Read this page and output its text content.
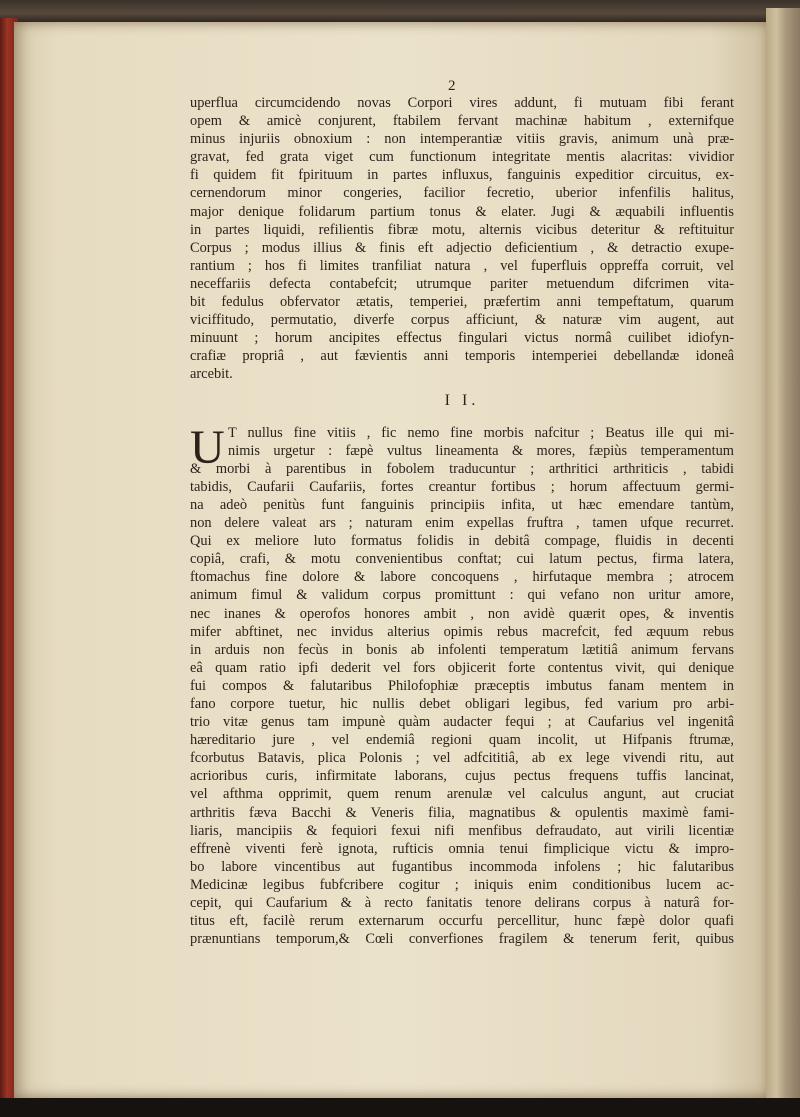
2
uperflua circumcidendo novas Corpori vires addunt, fi mutuam fibi ferant
opem & amicè conjurent, ftabilem fervant machinæ habitum , externifque
minus injuriis obnoxium : non intemperantiæ vitiis gravis, animum unà præ-
gravat, fed grata viget cum functionum integritate mentis alacritas: vividior
fi quidem fit fpirituum in partes influxus, fanguinis expeditior circuitus, ex-
cernendorum minor congeries, facilior fecretio, uberior infenfilis halitus,
major denique folidarum partium tonus & elater. Jugi & æquabili influentis
in partes liquidi, refilientis fibræ motu, alternis vicibus deteritur & reftituitur
Corpus ; modus illius & finis eft adjectio deficientium , & detractio exupe-
rantium ; hos fi limites tranfiliat natura , vel fuperfluis oppreffa corruit, vel
neceffariis defecta contabefcit; utrumque pariter metuendum difcrimen vita-
bit fedulus obfervator ætatis, temperiei, præfertim anni tempeftatum, quarum
viciffitudo, permutatio, diverfe corpus afficiunt, & naturæ vim augent, aut
minuunt ; horum ancipites effectus fingulari victus normâ cuilibet idiofyn-
crafiæ propriâ , aut fævientis anni temporis intemperiei debellandæ idoneâ
arcebit.
I I.
U T nullus fine vitiis , fic nemo fine morbis nafcitur ; Beatus ille qui mi-
nimis urgetur : fæpè vultus lineamenta & mores, fæpiùs temperamentum
& morbi à parentibus in fobolem traducuntur ; arthritici arthriticis , tabidi
tabidis, Caufarii Caufariis, fortes creantur fortibus ; horum affectuum germi-
na adeò penitùs funt fanguinis principiis infita, ut hæc emendare tantùm,
non delere valeat ars ; naturam enim expellas fruftra , tamen ufque recurret.
Qui ex meliore luto formatus folidis in debitâ compage, fluidis in decenti
copiâ, crafi, & motu convenientibus conftat; cui latum pectus, firma latera,
ftomachus fine dolore & labore concoquens , hirfutaque membra ; atrocem
animum fimul & validum corpus promittunt : qui vefano non uritur amore,
nec inanes & operofos honores ambit , non avidè quærit opes, & inventis
mifer abftinet, nec invidus alterius opimis rebus macrefcit, fed æquum rebus
in arduis non fecùs in bonis ab infolenti temperatum lætitiâ animum fervans
eâ quam ratio ipfi dederit vel fors objicerit forte contentus vivit, qui denique
fui compos & falutaribus Philofophiæ præceptis imbutus fanam mentem in
fano corpore tuetur, hic nullis debet obligari legibus, fed varium pro arbi-
trio vitæ genus tam impunè quàm audacter fequi ; at Caufarius vel ingenitâ
hæreditario jure , vel endemiâ regioni quam incolit, ut Hifpanis ftrumæ,
fcorbutus Batavis, plica Polonis ; vel adfcititiâ, ab ex lege vivendi ritu, aut
acrioribus curis, infirmitate laborans, cujus pectus frequens tuffis lancinat,
vel afthma opprimit, quem renum arenulæ vel calculus angunt, aut cruciat
arthritis fæva Bacchi & Veneris filia, magnatibus & opulentis maximè fami-
liaris, mancipiis & fequiori fexui nifi menfibus defraudato, aut virili licentiæ
effrenè viventi ferè ignota, rufticis omnia tenui fimplicique victu & impro-
bo labore vincentibus aut fugantibus incommoda infolens ; hic falutaribus
Medicinæ legibus fubfcribere cogitur ; iniquis enim conditionibus lucem ac-
cepit, qui Caufarium & à recto fanitatis tenore delirans corpus à naturâ for-
titus eft, facilè rerum externarum occurfu percellitur, hunc fæpè dolor quafi
prænuntians temporum,& Cœli converfiones fragilem & tenerum ferit, quibus
